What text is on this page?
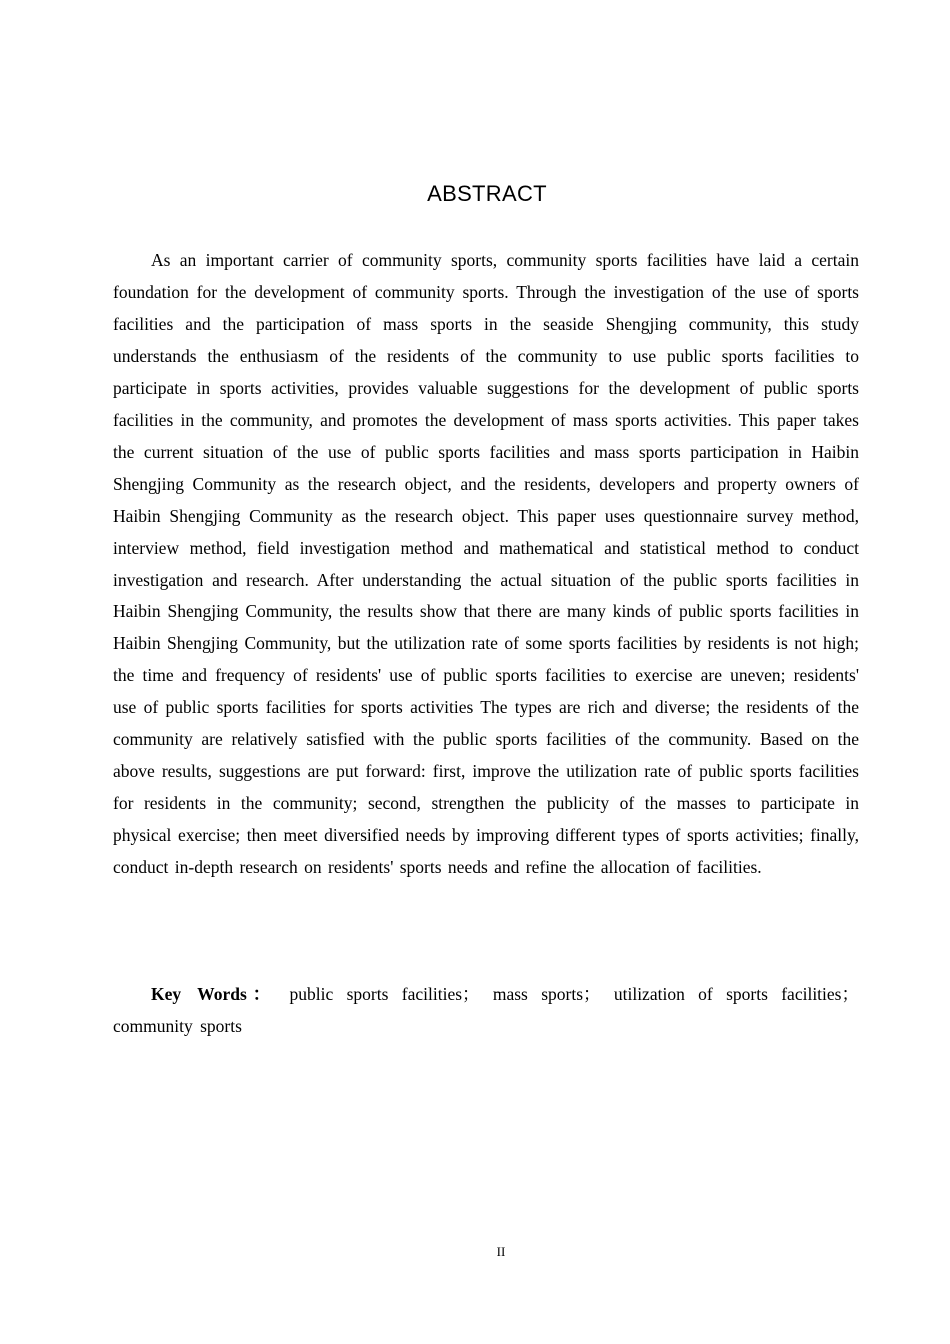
ABSTRACT

As an important carrier of community sports, community sports facilities have laid a certain foundation for the development of community sports. Through the investigation of the use of sports facilities and the participation of mass sports in the seaside Shengjing community, this study understands the enthusiasm of the residents of the community to use public sports facilities to participate in sports activities, provides valuable suggestions for the development of public sports facilities in the community, and promotes the development of mass sports activities. This paper takes the current situation of the use of public sports facilities and mass sports participation in Haibin Shengjing Community as the research object, and the residents, developers and property owners of Haibin Shengjing Community as the research object. This paper uses questionnaire survey method, interview method, field investigation method and mathematical and statistical method to conduct investigation and research. After understanding the actual situation of the public sports facilities in Haibin Shengjing Community, the results show that there are many kinds of public sports facilities in Haibin Shengjing Community, but the utilization rate of some sports facilities by residents is not high; the time and frequency of residents' use of public sports facilities to exercise are uneven; residents' use of public sports facilities for sports activities The types are rich and diverse; the residents of the community are relatively satisfied with the public sports facilities of the community. Based on the above results, suggestions are put forward: first, improve the utilization rate of public sports facilities for residents in the community; second, strengthen the publicity of the masses to participate in physical exercise; then meet diversified needs by improving different types of sports activities; finally, conduct in-depth research on residents' sports needs and refine the allocation of facilities.

Key Words： public sports facilities； mass sports； utilization of sports facilities；community sports

II
